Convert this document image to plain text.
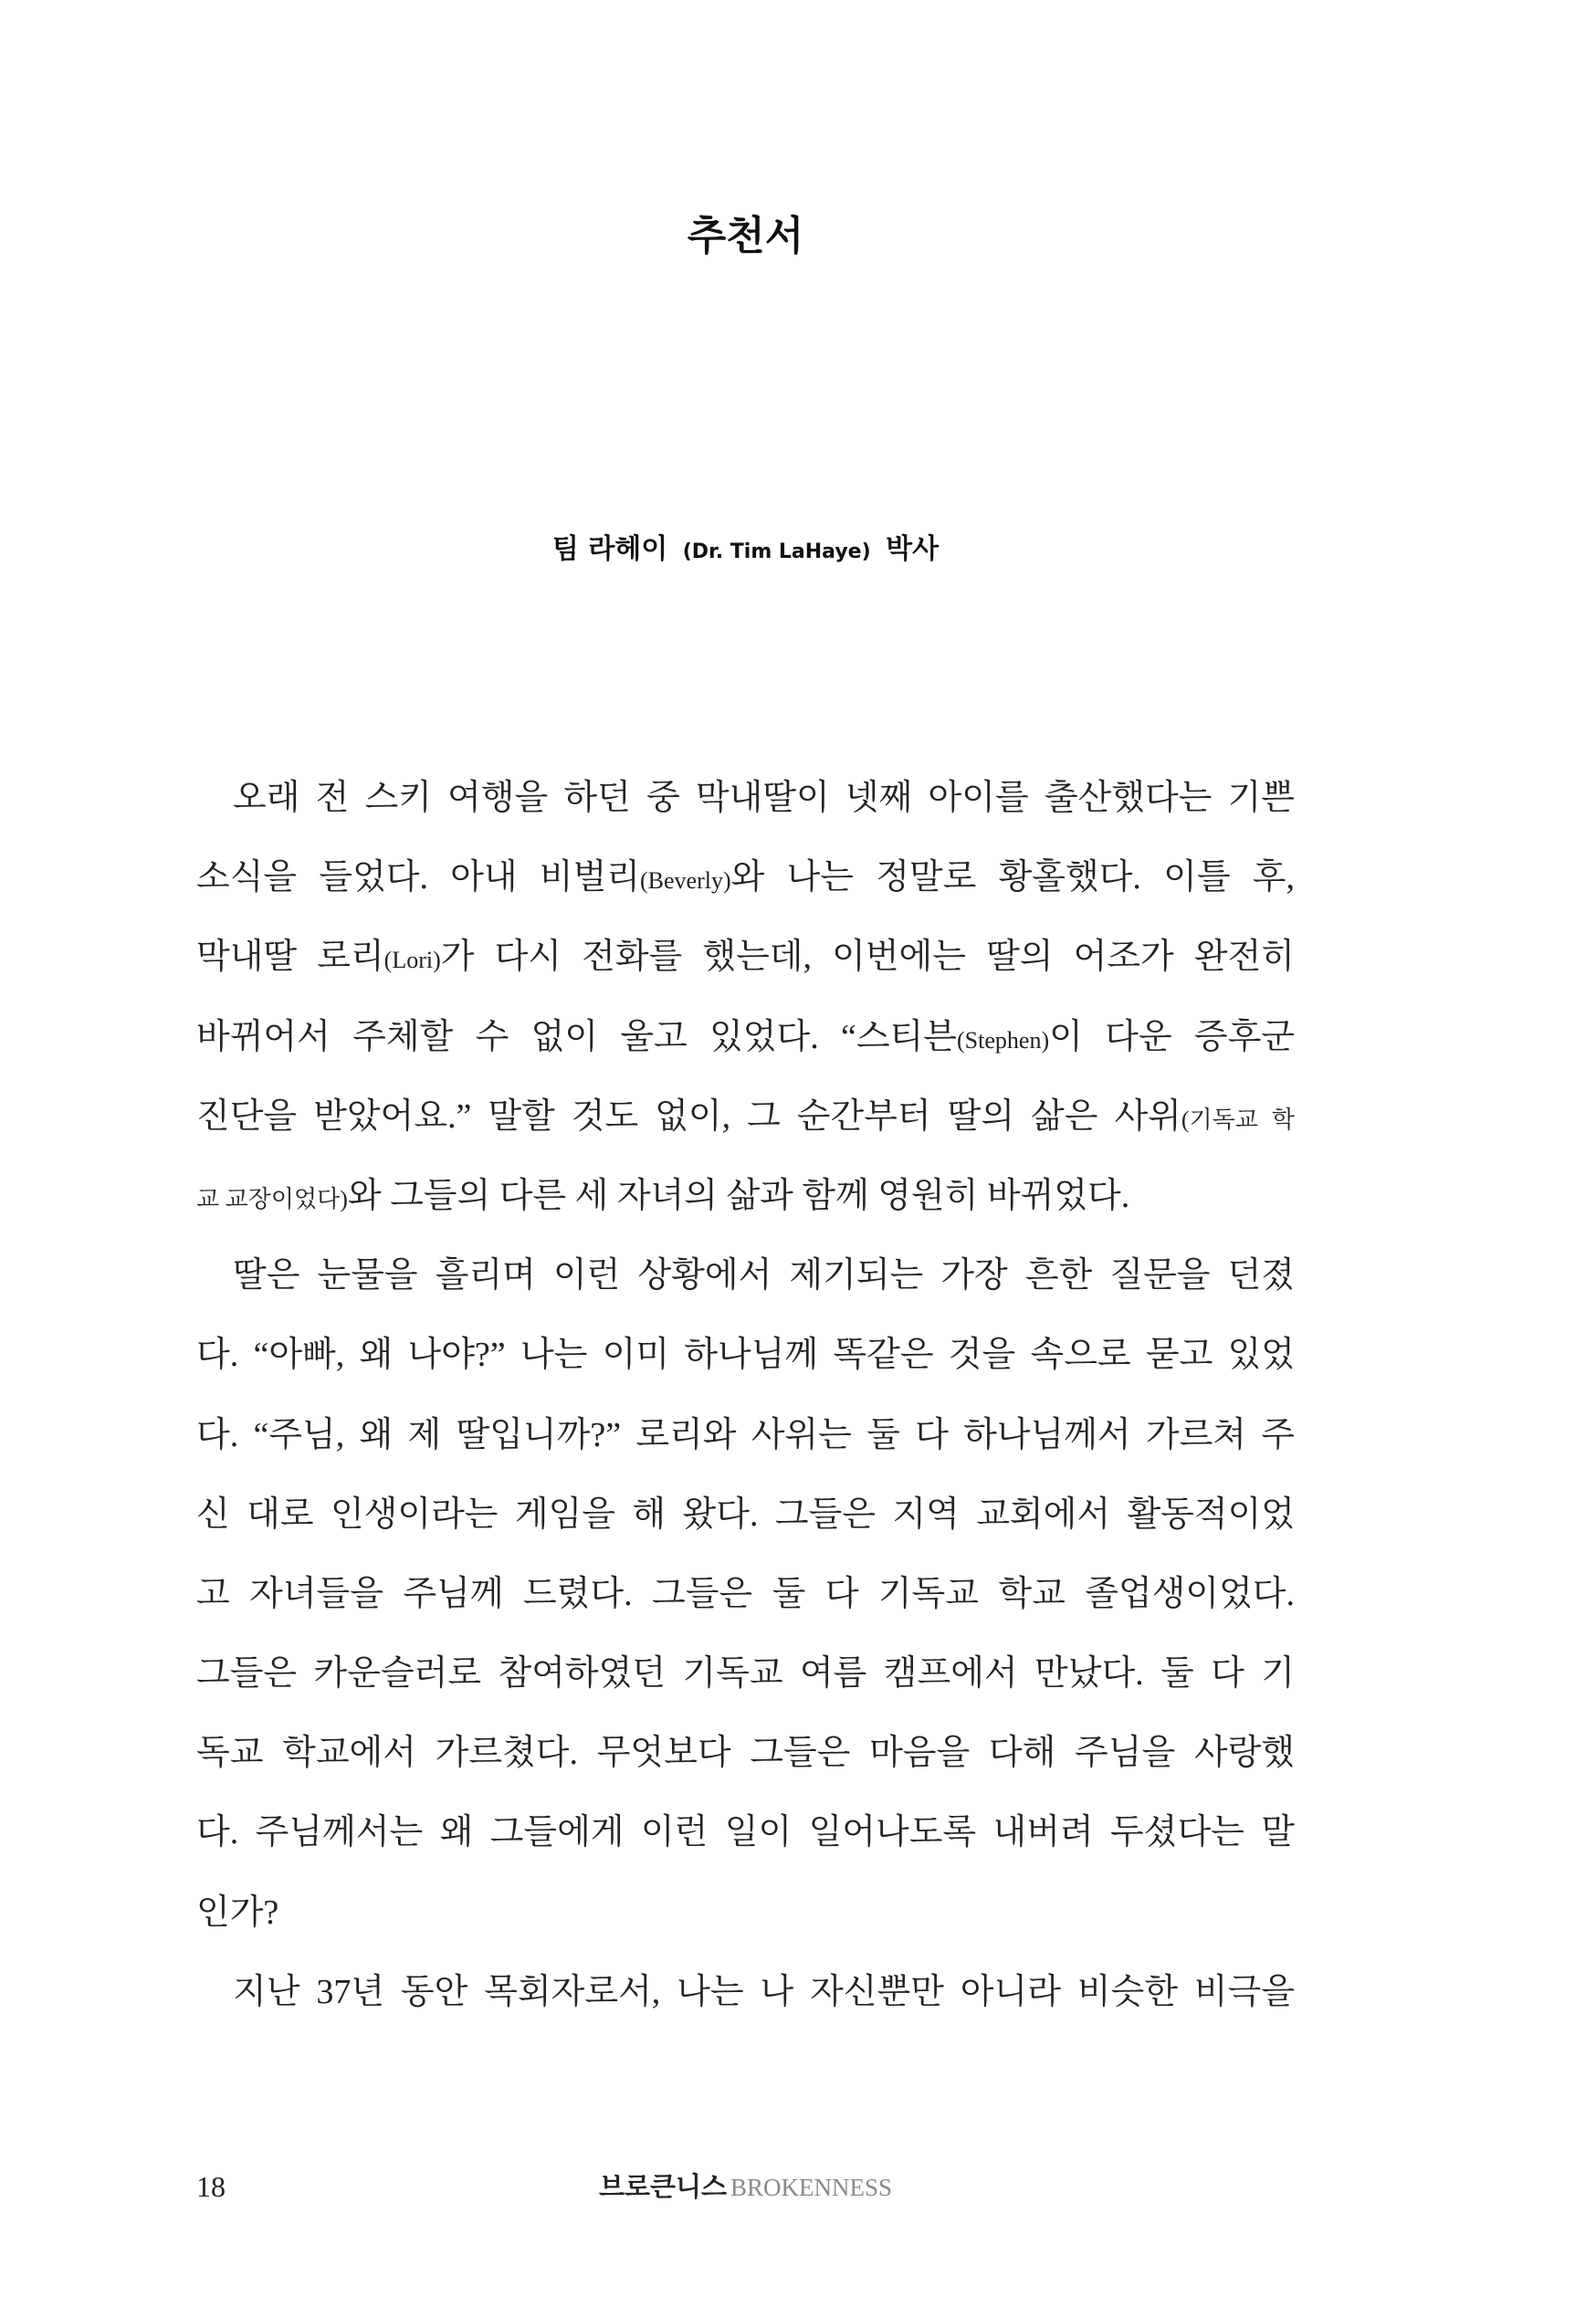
추천서
팀 라헤이 (Dr. Tim LaHaye) 박사
오래 전 스키 여행을 하던 중 막내딸이 넷째 아이를 출산했다는 기쁜
소식을 들었다. 아내 비벌리(Beverly)와 나는 정말로 황홀했다. 이틀 후,
막내딸 로리(Lori)가 다시 전화를 했는데, 이번에는 딸의 어조가 완전히
바뀌어서 주체할 수 없이 울고 있었다. “스티븐(Stephen)이 다운 증후군
진단을 받았어요.” 말할 것도 없이, 그 순간부터 딸의 삶은 사위(기독교 학
교 교장이었다)와 그들의 다른 세 자녀의 삶과 함께 영원히 바뀌었다.
딸은 눈물을 흘리며 이런 상황에서 제기되는 가장 흔한 질문을 던졌
다. “아빠, 왜 나야?” 나는 이미 하나님께 똑같은 것을 속으로 묻고 있었
다. “주님, 왜 제 딸입니까?” 로리와 사위는 둘 다 하나님께서 가르쳐 주
신 대로 인생이라는 게임을 해 왔다. 그들은 지역 교회에서 활동적이었
고 자녀들을 주님께 드렸다. 그들은 둘 다 기독교 학교 졸업생이었다.
그들은 카운슬러로 참여하였던 기독교 여름 캠프에서 만났다. 둘 다 기
독교 학교에서 가르쳤다. 무엇보다 그들은 마음을 다해 주님을 사랑했
다. 주님께서는 왜 그들에게 이런 일이 일어나도록 내버려 두셨다는 말
인가?
지난 37년 동안 목회자로서, 나는 나 자신뿐만 아니라 비슷한 비극을
18	브로큰니스 BROKENNESS
